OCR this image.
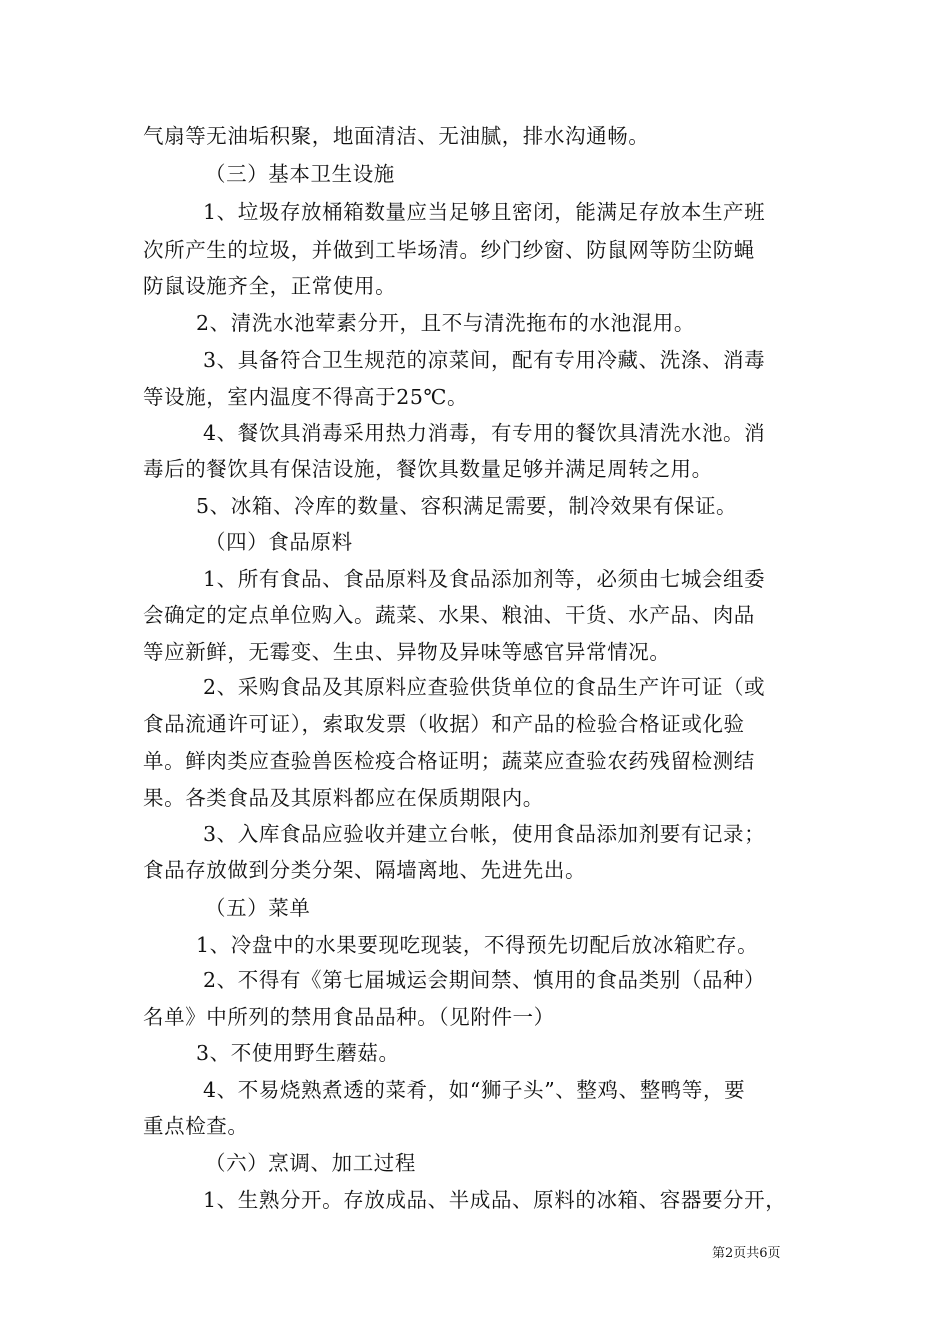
气扇等无油垢积聚，地面清洁、无油腻，排水沟通畅。
（三）基本卫生设施
1、垃圾存放桶箱数量应当足够且密闭，能满足存放本生产班
次所产生的垃圾，并做到工毕场清。纱门纱窗、防鼠网等防尘防蝇
防鼠设施齐全，正常使用。
2、清洗水池荤素分开，且不与清洗拖布的水池混用。
3、具备符合卫生规范的凉菜间，配有专用冷藏、洗涤、消毒
等设施，室内温度不得高于25℃。
4、餐饮具消毒采用热力消毒，有专用的餐饮具清洗水池。消
毒后的餐饮具有保洁设施，餐饮具数量足够并满足周转之用。
5、冰箱、冷库的数量、容积满足需要，制冷效果有保证。
（四）食品原料
1、所有食品、食品原料及食品添加剂等，必须由七城会组委
会确定的定点单位购入。蔬菜、水果、粮油、干货、水产品、肉品
等应新鲜，无霉变、生虫、异物及异味等感官异常情况。
2、采购食品及其原料应查验供货单位的食品生产许可证（或
食品流通许可证），索取发票（收据）和产品的检验合格证或化验
单。鲜肉类应查验兽医检疫合格证明；蔬菜应查验农药残留检测结
果。各类食品及其原料都应在保质期限内。
3、入库食品应验收并建立台帐，使用食品添加剂要有记录；
食品存放做到分类分架、隔墙离地、先进先出。
（五）菜单
1、冷盘中的水果要现吃现装，不得预先切配后放冰箱贮存。
2、不得有《第七届城运会期间禁、慎用的食品类别（品种）
名单》中所列的禁用食品品种。（见附件一）
3、不使用野生蘑菇。
4、不易烧熟煮透的菜肴，如“狮子头”、整鸡、整鸭等，要
重点检查。
（六）烹调、加工过程
1、生熟分开。存放成品、半成品、原料的冰箱、容器要分开，
第2页共6页
